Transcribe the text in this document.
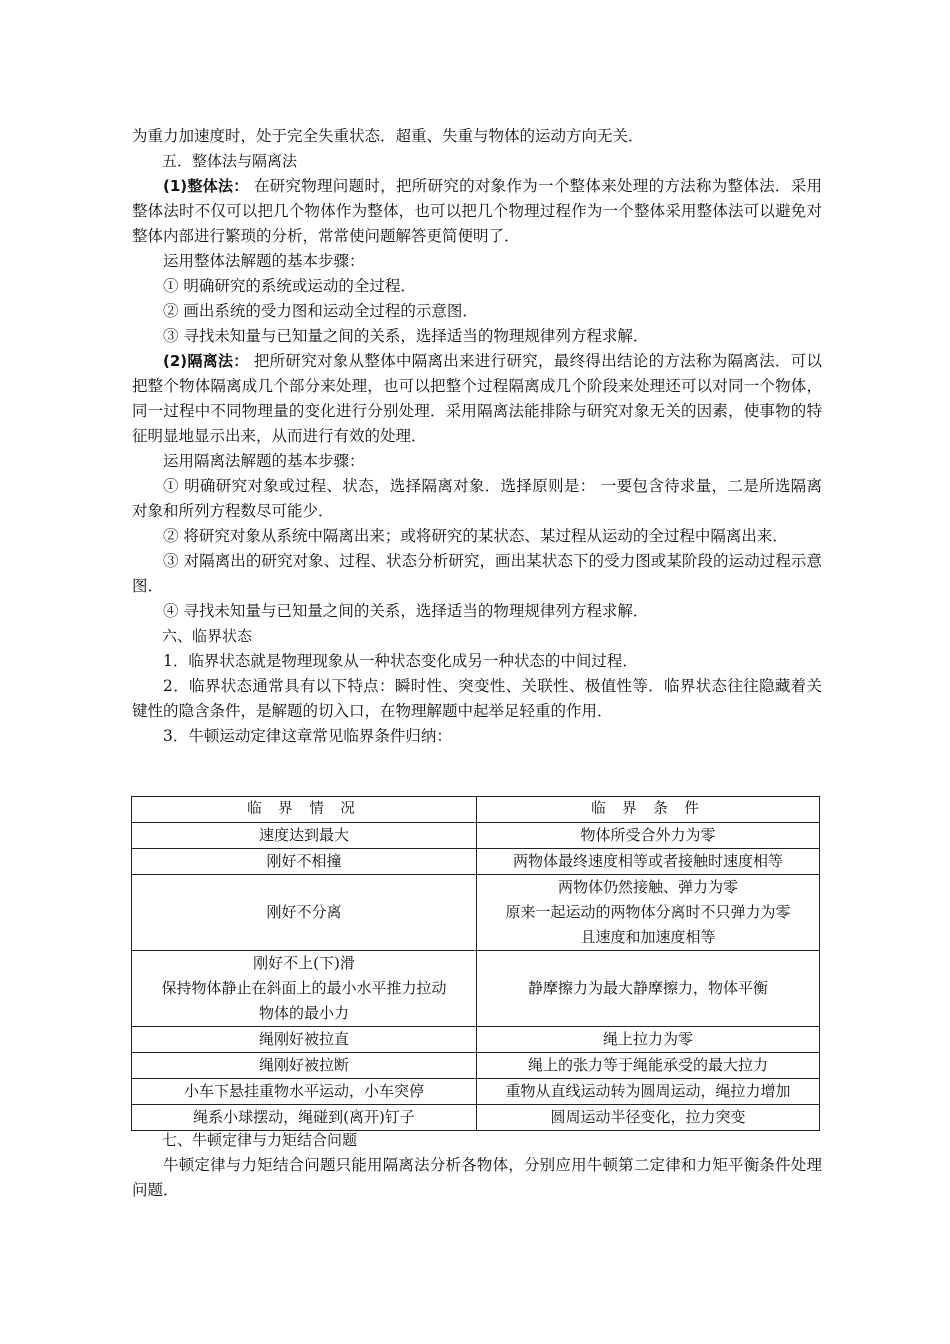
为重力加速度时，处于完全失重状态．超重、失重与物体的运动方向无关．

五．整体法与隔离法

(1)整体法： 在研究物理问题时，把所研究的对象作为一个整体来处理的方法称为整体法．采用整体法时不仅可以把几个物体作为整体，也可以把几个物理过程作为一个整体采用整体法可以避免对整体内部进行繁琐的分析，常常使问题解答更简便明了．

运用整体法解题的基本步骤：

① 明确研究的系统或运动的全过程．

② 画出系统的受力图和运动全过程的示意图．

③ 寻找未知量与已知量之间的关系，选择适当的物理规律列方程求解．

(2)隔离法： 把所研究对象从整体中隔离出来进行研究，最终得出结论的方法称为隔离法．可以把整个物体隔离成几个部分来处理，也可以把整个过程隔离成几个阶段来处理还可以对同一个物体，同一过程中不同物理量的变化进行分别处理．采用隔离法能排除与研究对象无关的因素，使事物的特征明显地显示出来，从而进行有效的处理．

运用隔离法解题的基本步骤：

① 明确研究对象或过程、状态，选择隔离对象．选择原则是： 一要包含待求量，二是所选隔离对象和所列方程数尽可能少．

② 将研究对象从系统中隔离出来；或将研究的某状态、某过程从运动的全过程中隔离出来．

③ 对隔离出的研究对象、过程、状态分析研究，画出某状态下的受力图或某阶段的运动过程示意图．

④ 寻找未知量与已知量之间的关系，选择适当的物理规律列方程求解．

六、临界状态

1．临界状态就是物理现象从一种状态变化成另一种状态的中间过程．

2．临界状态通常具有以下特点：瞬时性、突变性、关联性、极值性等．临界状态往往隐藏着关键性的隐含条件，是解题的切入口，在物理解题中起举足轻重的作用．

3．牛顿运动定律这章常见临界条件归纳：

临 界 情 况	临 界 条 件

速度达到最大	物体所受合外力为零

刚好不相撞	两物体最终速度相等或者接触时速度相等

刚好不分离	两物体仍然接触、弹力为零
原来一起运动的两物体分离时不只弹力为零
且速度和加速度相等

刚好不上(下)滑
保持物体静止在斜面上的最小水平推力拉动
物体的最小力	静摩擦力为最大静摩擦力，物体平衡

绳刚好被拉直	绳上拉力为零

绳刚好被拉断	绳上的张力等于绳能承受的最大拉力

小车下悬挂重物水平运动，小车突停	重物从直线运动转为圆周运动，绳拉力增加

绳系小球摆动，绳碰到(离开)钉子	圆周运动半径变化，拉力突变

七、牛顿定律与力矩结合问题

牛顿定律与力矩结合问题只能用隔离法分析各物体，分别应用牛顿第二定律和力矩平衡条件处理问题．
